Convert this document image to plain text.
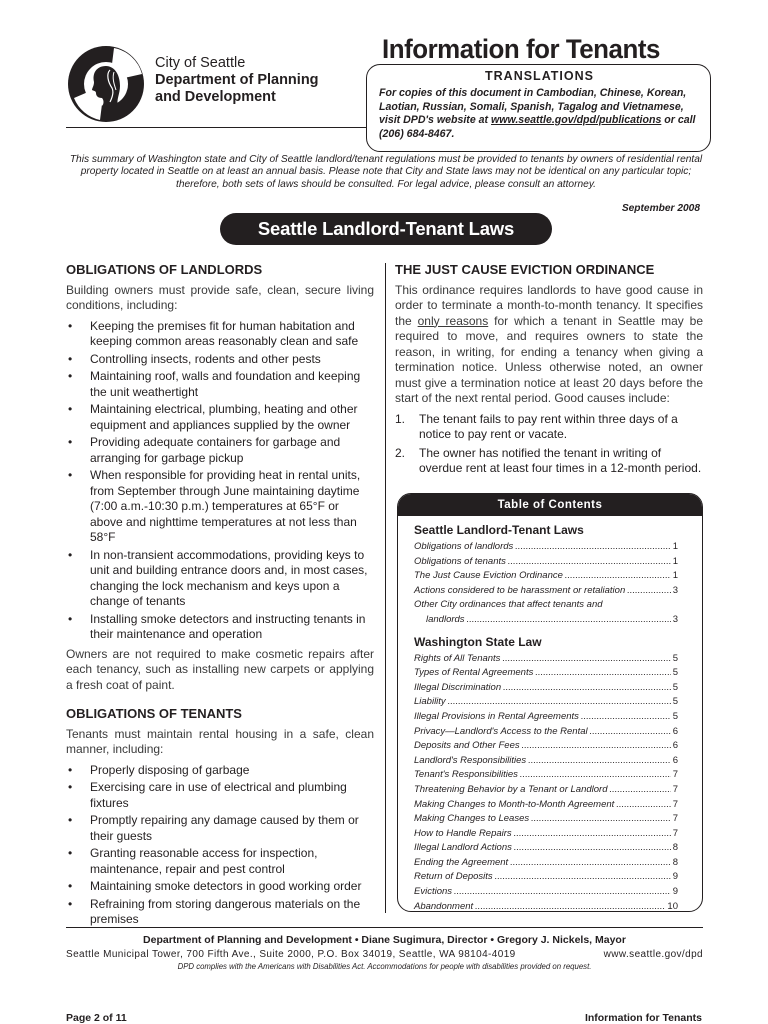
City of Seattle
Department of Planning
and Development
Information for Tenants
TRANSLATIONS
For copies of this document in Cambodian, Chinese, Korean, Laotian, Russian, Somali, Spanish, Tagalog and Vietnamese, visit DPD's website at www.seattle.gov/dpd/publications or call (206) 684-8467.
This summary of Washington state and City of Seattle landlord/tenant regulations must be provided to tenants by owners of residential rental property located in Seattle on at least an annual basis. Please note that City and State laws may not be identical on any particular topic; therefore, both sets of laws should be consulted. For legal advice, please consult an attorney.
September 2008
Seattle Landlord-Tenant Laws
OBLIGATIONS OF LANDLORDS
Building owners must provide safe, clean, secure living conditions, including:
• Keeping the premises fit for human habitation and keeping common areas reasonably clean and safe
• Controlling insects, rodents and other pests
• Maintaining roof, walls and foundation and keeping the unit weathertight
• Maintaining electrical, plumbing, heating and other equipment and appliances supplied by the owner
• Providing adequate containers for garbage and arranging for garbage pickup
• When responsible for providing heat in rental units, from September through June maintaining daytime (7:00 a.m.-10:30 p.m.) temperatures at 65°F or above and nighttime temperatures at not less than 58°F
• In non-transient accommodations, providing keys to unit and building entrance doors and, in most cases, changing the lock mechanism and keys upon a change of tenants
• Installing smoke detectors and instructing tenants in their maintenance and operation
Owners are not required to make cosmetic repairs after each tenancy, such as installing new carpets or applying a fresh coat of paint.
OBLIGATIONS OF TENANTS
Tenants must maintain rental housing in a safe, clean manner, including:
• Properly disposing of garbage
• Exercising care in use of electrical and plumbing fixtures
• Promptly repairing any damage caused by them or their guests
• Granting reasonable access for inspection, maintenance, repair and pest control
• Maintaining smoke detectors in good working order
• Refraining from storing dangerous materials on the premises
THE JUST CAUSE EVICTION ORDINANCE
This ordinance requires landlords to have good cause in order to terminate a month-to-month tenancy. It specifies the only reasons for which a tenant in Seattle may be required to move, and requires owners to state the reason, in writing, for ending a tenancy when giving a termination notice. Unless otherwise noted, an owner must give a termination notice at least 20 days before the start of the next rental period. Good causes include:
1. The tenant fails to pay rent within three days of a notice to pay rent or vacate.
2. The owner has notified the tenant in writing of overdue rent at least four times in a 12-month period.
Table of Contents
Seattle Landlord-Tenant Laws
Obligations of landlords .....	1
Obligations of tenants .....	1
The Just Cause Eviction Ordinance .....	1
Actions considered to be harassment or retaliation .....	3
Other City ordinances that affect tenants and
landlords .....	3
Washington State Law
Rights of All Tenants .....	5
Types of Rental Agreements .....	5
Illegal Discrimination .....	5
Liability .....	5
Illegal Provisions in Rental Agreements .....	5
Privacy—Landlord's Access to the Rental .....	6
Deposits and Other Fees .....	6
Landlord's Responsibilities .....	6
Tenant's Responsibilities .....	7
Threatening Behavior by a Tenant or Landlord .....	7
Making Changes to Month-to-Month Agreement .....	7
Making Changes to Leases .....	7
How to Handle Repairs .....	7
Illegal Landlord Actions .....	8
Ending the Agreement .....	8
Return of Deposits .....	9
Evictions .....	9
Abandonment .....	10
Department of Planning and Development • Diane Sugimura, Director • Gregory J. Nickels, Mayor
Seattle Municipal Tower, 700 Fifth Ave., Suite 2000, P.O. Box 34019, Seattle, WA 98104-4019	www.seattle.gov/dpd
DPD complies with the Americans with Disabilities Act. Accommodations for people with disabilities provided on request.
Page 2 of 11	Information for Tenants
